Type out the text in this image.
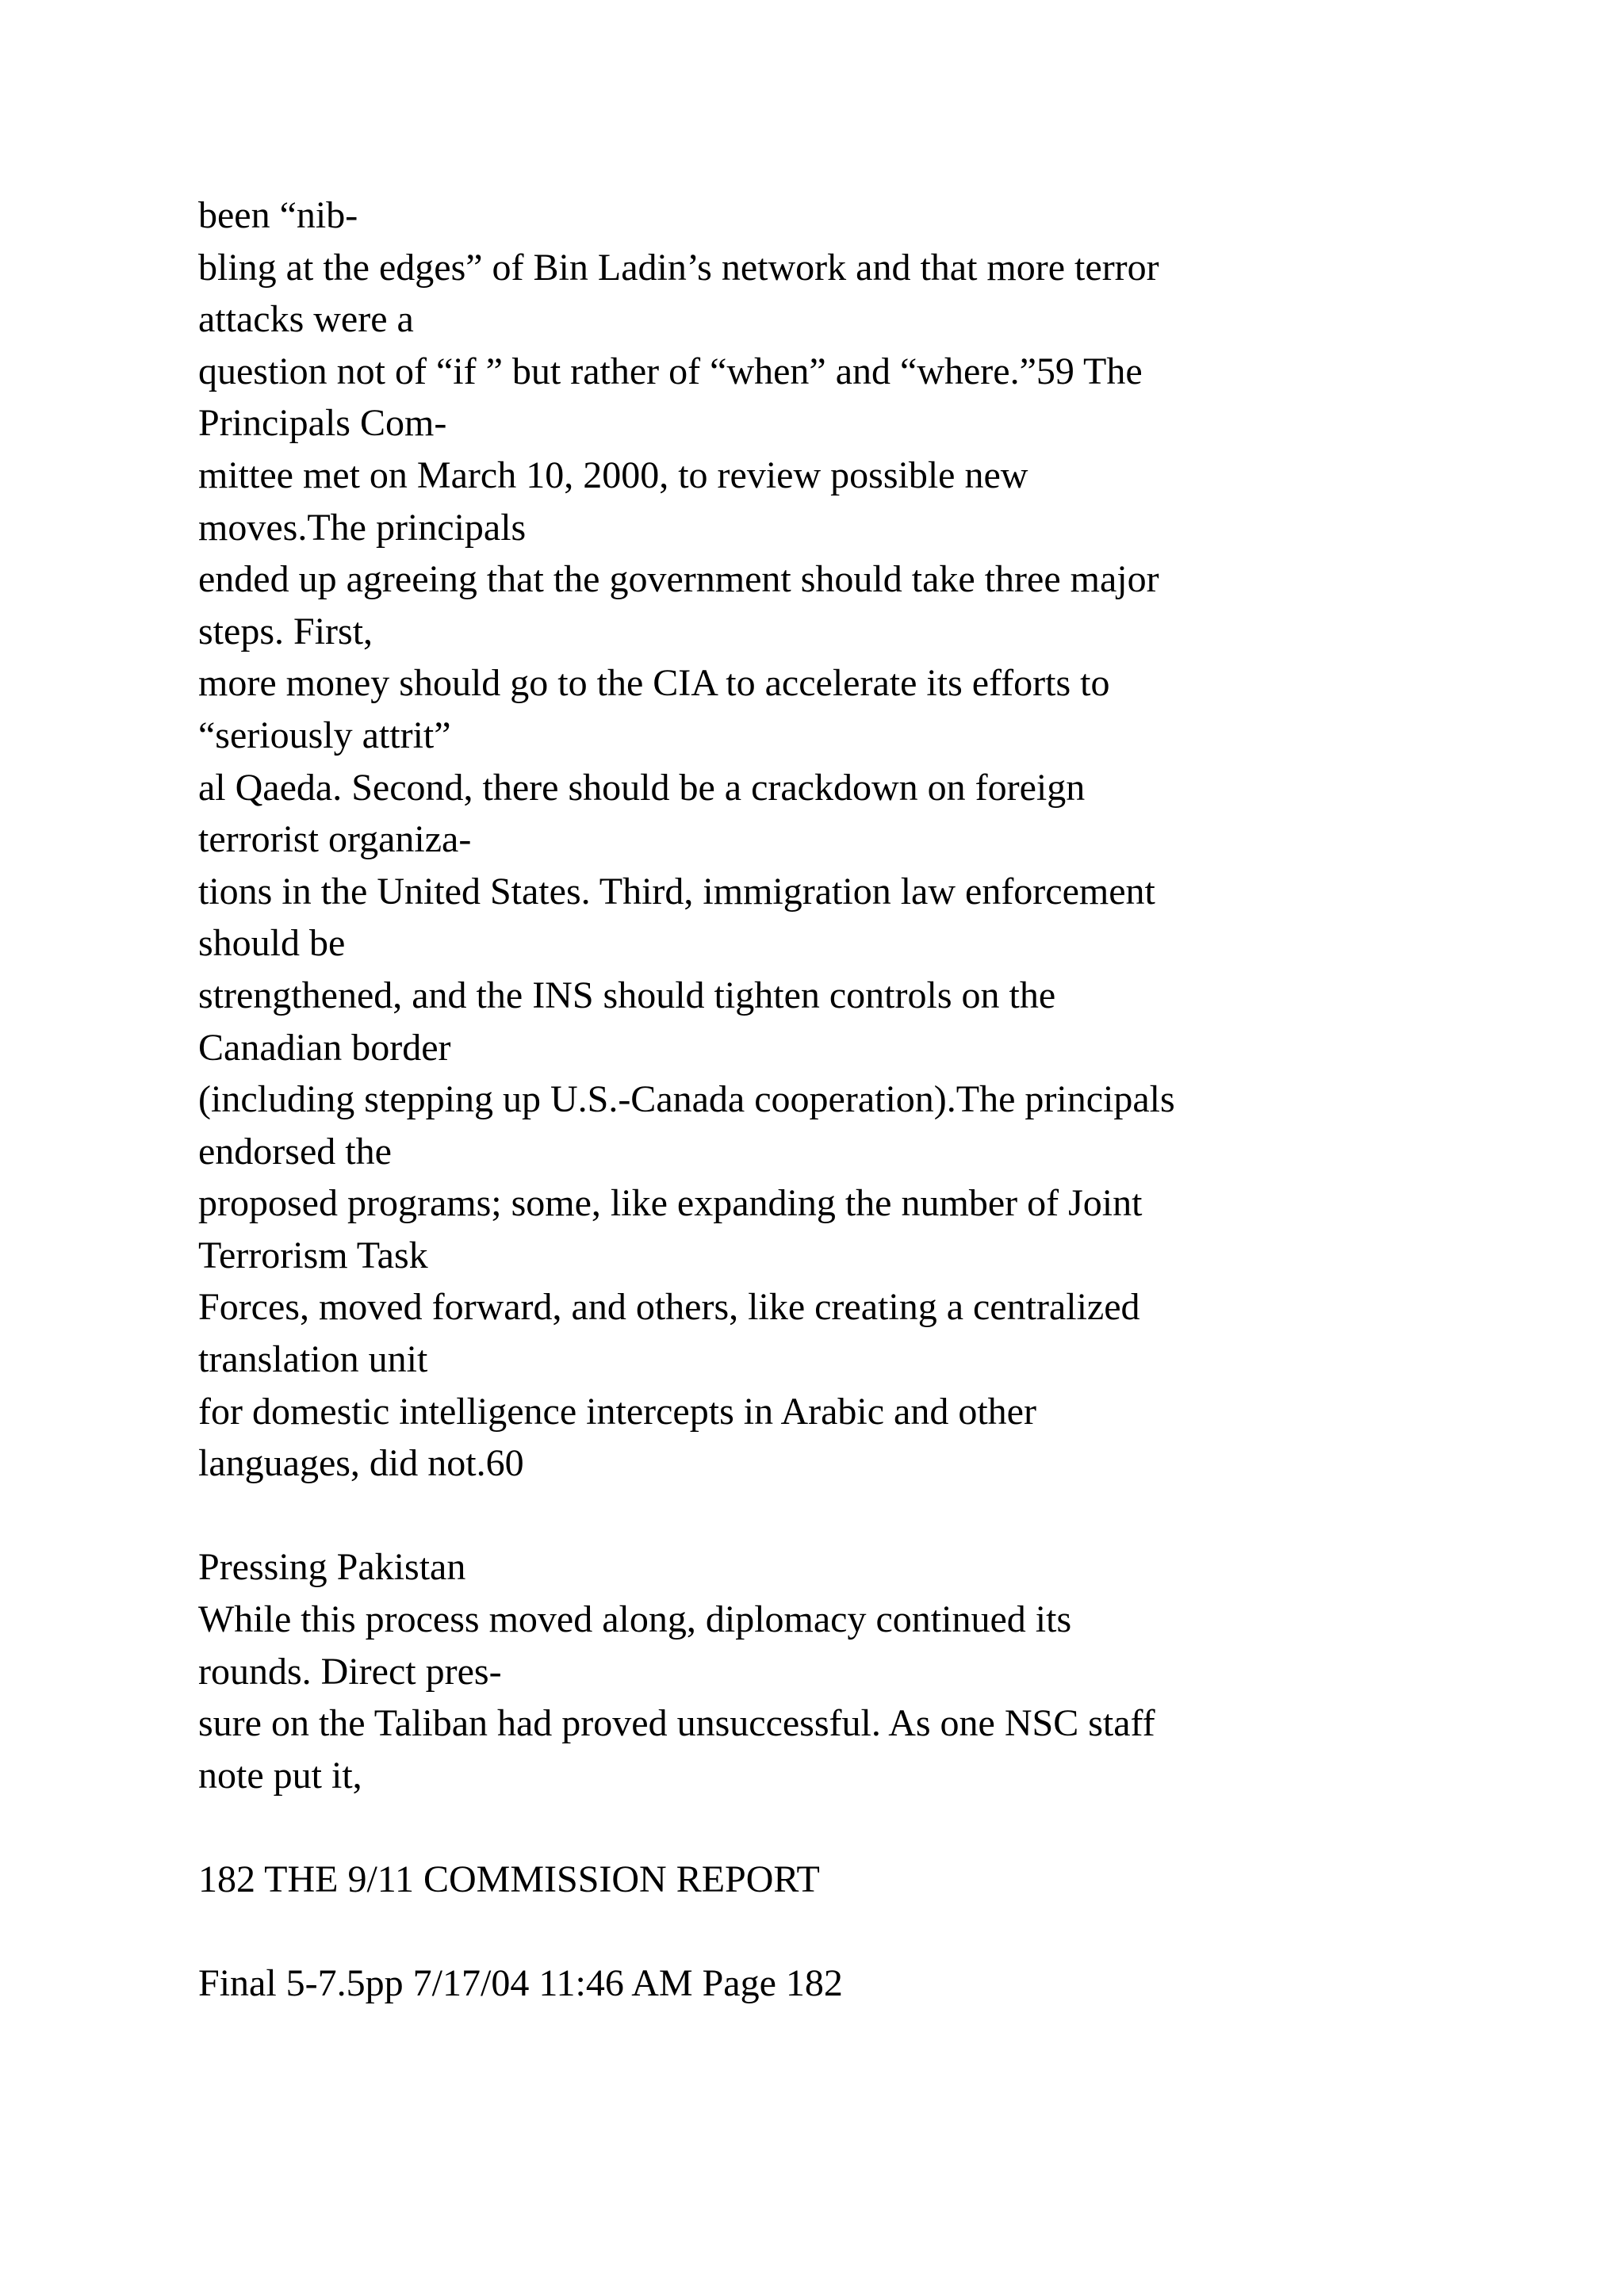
been “nib-
bling at the edges” of Bin Ladin’s network and that more terror
attacks were a
question not of “if ” but rather of “when” and “where.”59 The
Principals Com-
mittee met on March 10, 2000, to review possible new
moves.The principals
ended up agreeing that the government should take three major
steps. First,
more money should go to the CIA to accelerate its efforts to
“seriously attrit”
al Qaeda. Second, there should be a crackdown on foreign
terrorist organiza-
tions in the United States. Third, immigration law enforcement
should be
strengthened, and the INS should tighten controls on the
Canadian border
(including stepping up U.S.-Canada cooperation).The principals
endorsed the
proposed programs; some, like expanding the number of Joint
Terrorism Task
Forces, moved forward, and others, like creating a centralized
translation unit
for domestic intelligence intercepts in Arabic and other
languages, did not.60
Pressing Pakistan
While this process moved along, diplomacy continued its
rounds. Direct pres-
sure on the Taliban had proved unsuccessful. As one NSC staff
note put it,
182 THE 9/11 COMMISSION REPORT
Final 5-7.5pp 7/17/04 11:46 AM Page 182
